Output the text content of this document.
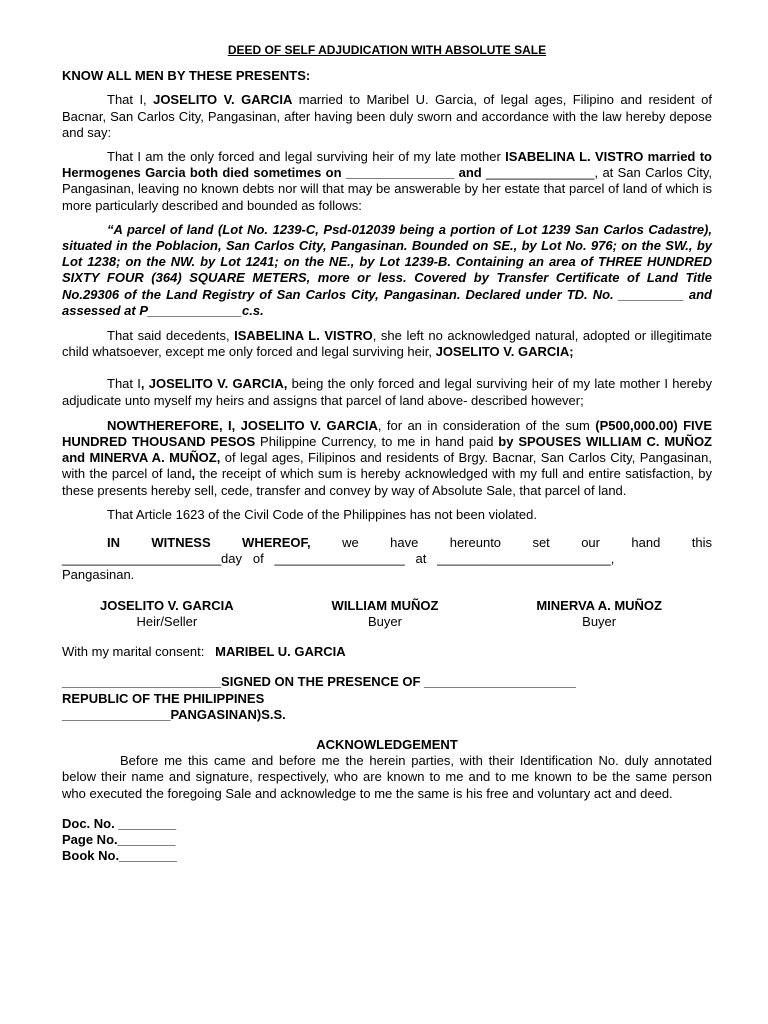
DEED OF SELF ADJUDICATION WITH ABSOLUTE SALE

KNOW ALL MEN BY THESE PRESENTS:

That I, JOSELITO V. GARCIA married to Maribel U. Garcia, of legal ages, Filipino and resident of Bacnar, San Carlos City, Pangasinan, after having been duly sworn and accordance with the law hereby depose and say:

That I am the only forced and legal surviving heir of my late mother ISABELINA L. VISTRO married to Hermogenes Garcia both died sometimes on _______________ and _______________, at San Carlos City, Pangasinan, leaving no known debts nor will that may be answerable by her estate that parcel of land of which is more particularly described and bounded as follows:

“A parcel of land (Lot No. 1239-C, Psd-012039 being a portion of Lot 1239 San Carlos Cadastre), situated in the Poblacion, San Carlos City, Pangasinan. Bounded on SE., by Lot No. 976; on the SW., by Lot 1238; on the NW. by Lot 1241; on the NE., by Lot 1239-B. Containing an area of THREE HUNDRED SIXTY FOUR (364) SQUARE METERS, more or less. Covered by Transfer Certificate of Land Title No.29306 of the Land Registry of San Carlos City, Pangasinan. Declared under TD. No. _________ and assessed at P_____________c.s.

That said decedents, ISABELINA L. VISTRO, she left no acknowledged natural, adopted or illegitimate child whatsoever, except me only forced and legal surviving heir, JOSELITO V. GARCIA;

That I, JOSELITO V. GARCIA, being the only forced and legal surviving heir of my late mother I hereby adjudicate unto myself my heirs and assigns that parcel of land above- described however;

NOWTHEREFORE, I, JOSELITO V. GARCIA, for an in consideration of the sum (P500,000.00) FIVE HUNDRED THOUSAND PESOS Philippine Currency, to me in hand paid by SPOUSES WILLIAM C. MUÑOZ and MINERVA A. MUÑOZ, of legal ages, Filipinos and residents of Brgy. Bacnar, San Carlos City, Pangasinan, with the parcel of land, the receipt of which sum is hereby acknowledged with my full and entire satisfaction, by these presents hereby sell, cede, transfer and convey by way of Absolute Sale, that parcel of land.

That Article 1623 of the Civil Code of the Philippines has not been violated.

IN WITNESS WHEREOF, we have hereunto set our hand this

______________________day   of   __________________   at   ________________________,

Pangasinan.

JOSELITO V. GARCIA
Heir/Seller
WILLIAM MUÑOZ
Buyer
MINERVA A. MUÑOZ
Buyer

With my marital consent: MARIBEL U. GARCIA

______________________SIGNED ON THE PRESENCE OF _____________________

REPUBLIC OF THE PHILIPPINES

_______________PANGASINAN)S.S.

ACKNOWLEDGEMENT

Before me this came and before me the herein parties, with their Identification No. duly annotated below their name and signature, respectively, who are known to me and to me known to be the same person who executed the foregoing Sale and acknowledge to me the same is his free and voluntary act and deed.

Doc. No. ________

Page No.________

Book No.________
